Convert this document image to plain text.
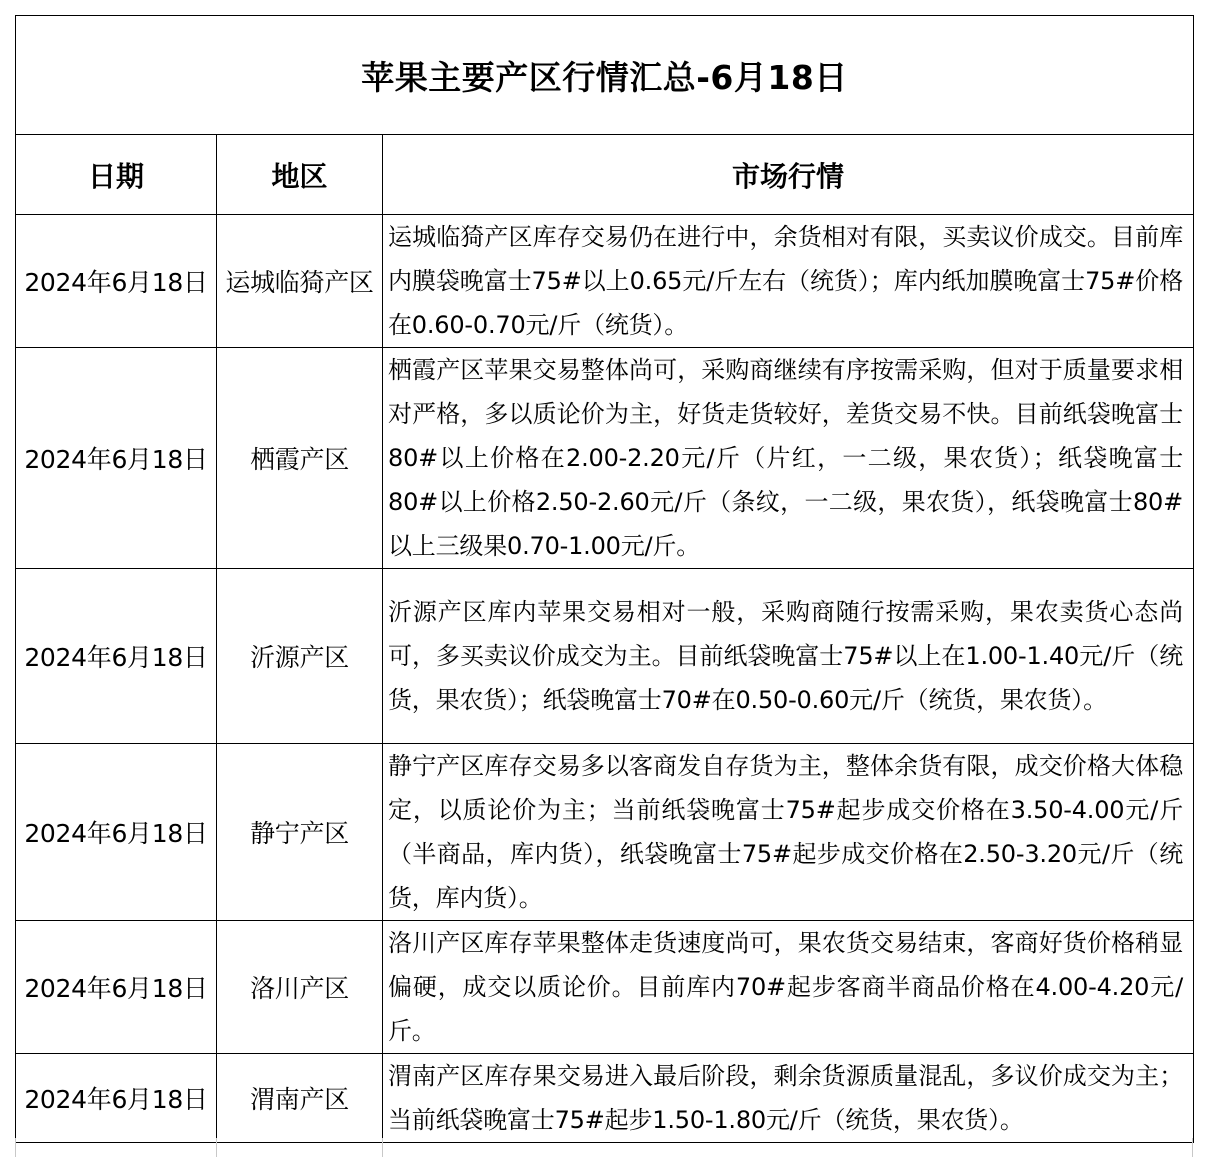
苹果主要产区行情汇总-6月18日		
日期	地区	市场行情
2024年6月18日	运城临猗产区	运城临猗产区库存交易仍在进行中，余货相对有限，买卖议价成交。目前库内膜袋晚富士75#以上0.65元/斤左右（统货）；库内纸加膜晚富士75#价格在0.60-0.70元/斤（统货）。
2024年6月18日	栖霞产区	栖霞产区苹果交易整体尚可，采购商继续有序按需采购，但对于质量要求相对严格，多以质论价为主，好货走货较好，差货交易不快。目前纸袋晚富士80#以上价格在2.00-2.20元/斤（片红，一二级，果农货）；纸袋晚富士80#以上价格2.50-2.60元/斤（条纹，一二级，果农货），纸袋晚富士80#以上三级果0.70-1.00元/斤。
2024年6月18日	沂源产区	沂源产区库内苹果交易相对一般，采购商随行按需采购，果农卖货心态尚可，多买卖议价成交为主。目前纸袋晚富士75#以上在1.00-1.40元/斤（统货，果农货）；纸袋晚富士70#在0.50-0.60元/斤（统货，果农货）。
2024年6月18日	静宁产区	静宁产区库存交易多以客商发自存货为主，整体余货有限，成交价格大体稳定，以质论价为主；当前纸袋晚富士75#起步成交价格在3.50-4.00元/斤（半商品，库内货），纸袋晚富士75#起步成交价格在2.50-3.20元/斤（统货，库内货）。
2024年6月18日	洛川产区	洛川产区库存苹果整体走货速度尚可，果农货交易结束，客商好货价格稍显偏硬，成交以质论价。目前库内70#起步客商半商品价格在4.00-4.20元/斤。
2024年6月18日	渭南产区	渭南产区库存果交易进入最后阶段，剩余货源质量混乱，多议价成交为主；当前纸袋晚富士75#起步1.50-1.80元/斤（统货，果农货）。
